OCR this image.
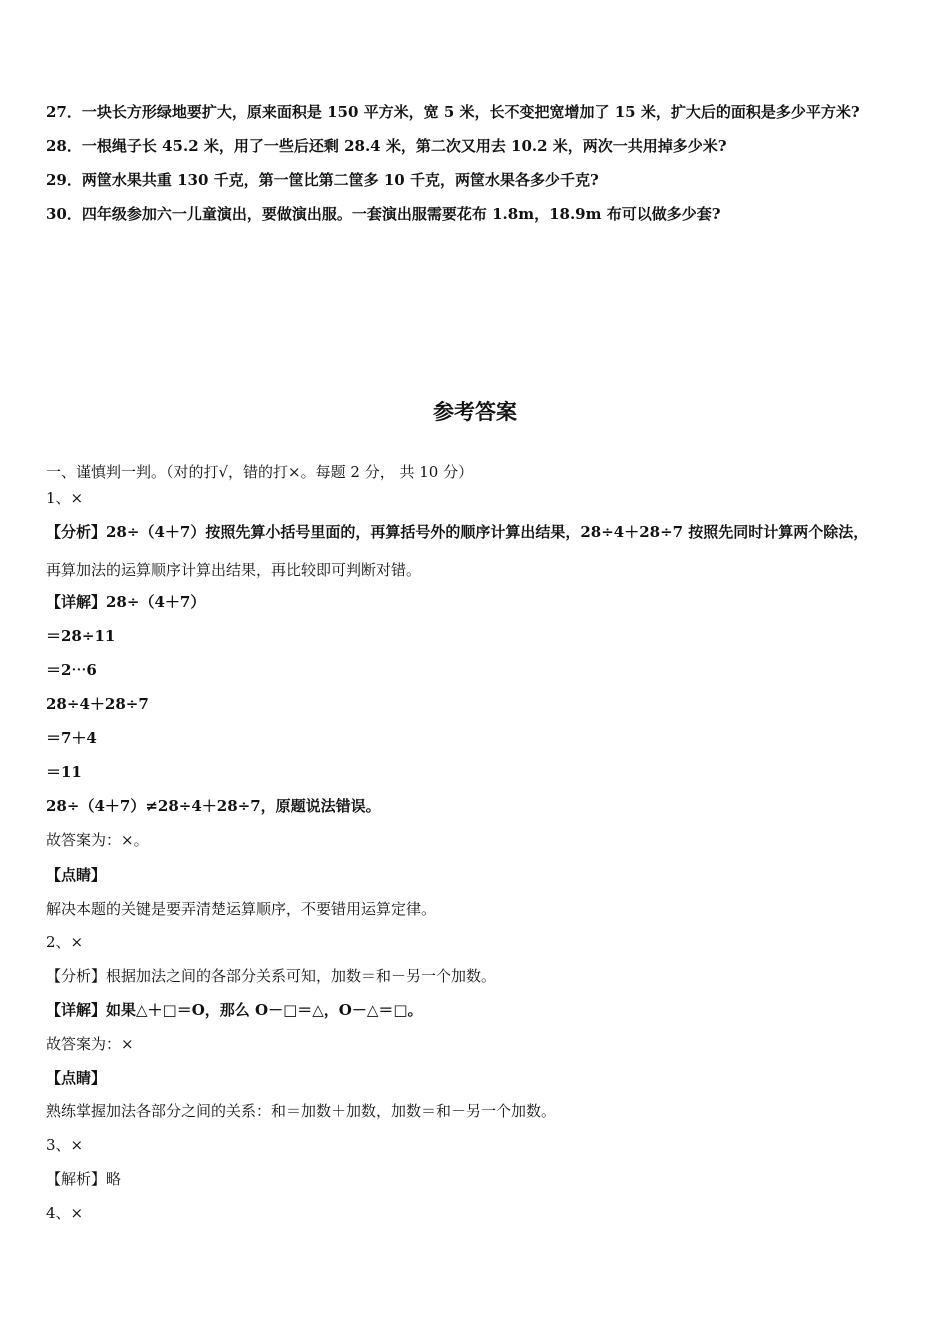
27．一块长方形绿地要扩大，原来面积是 150 平方米，宽 5 米，长不变把宽增加了 15 米，扩大后的面积是多少平方米?
28．一根绳子长 45.2 米，用了一些后还剩 28.4 米，第二次又用去 10.2 米，两次一共用掉多少米?
29．两筐水果共重 130 千克，第一筐比第二筐多 10 千克，两筐水果各多少千克?
30．四年级参加六一儿童演出，要做演出服。一套演出服需要花布 1.8m，18.9m 布可以做多少套?
参考答案
一、谨慎判一判。（对的打√，错的打×。每题 2 分， 共 10 分）
1、×
【分析】28÷（4＋7）按照先算小括号里面的，再算括号外的顺序计算出结果，28÷4＋28÷7 按照先同时计算两个除法，
再算加法的运算顺序计算出结果，再比较即可判断对错。
【详解】28÷（4＋7）
＝28÷11
＝2⋯6
28÷4＋28÷7
＝7＋4
＝11
28÷（4＋7）≠28÷4＋28÷7，原题说法错误。
故答案为：×。
【点睛】
解决本题的关键是要弄清楚运算顺序，不要错用运算定律。
2、×
【分析】根据加法之间的各部分关系可知，加数＝和－另一个加数。
【详解】如果△＋□＝O，那么 O－□＝△，O－△＝□。
故答案为：×
【点睛】
熟练掌握加法各部分之间的关系：和＝加数＋加数，加数＝和－另一个加数。
3、×
【解析】略
4、×
